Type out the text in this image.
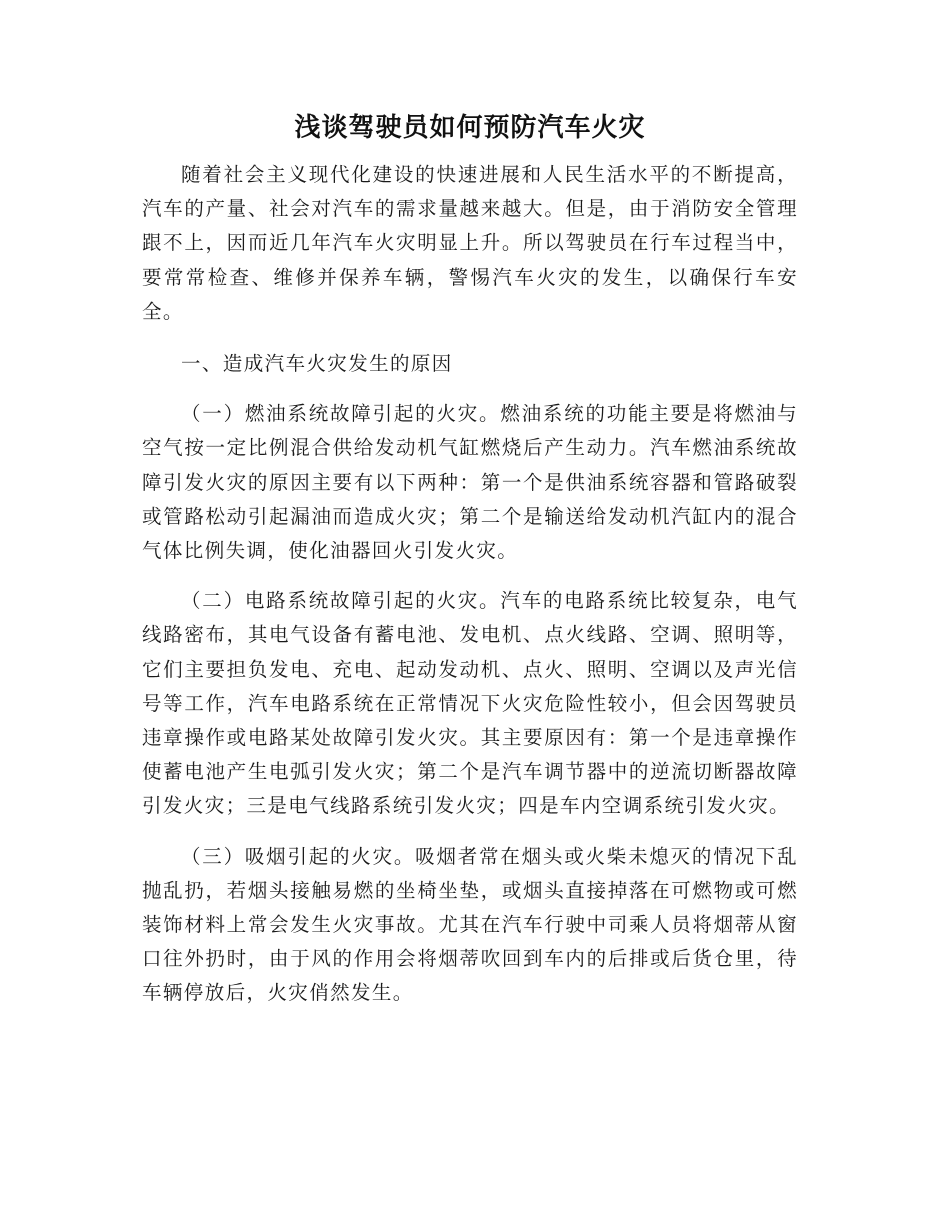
浅谈驾驶员如何预防汽车火灾

随着社会主义现代化建设的快速进展和人民生活水平的不断提高，汽车的产量、社会对汽车的需求量越来越大。但是，由于消防安全管理跟不上，因而近几年汽车火灾明显上升。所以驾驶员在行车过程当中，要常常检查、维修并保养车辆，警惕汽车火灾的发生，以确保行车安全。

一、造成汽车火灾发生的原因

（一）燃油系统故障引起的火灾。燃油系统的功能主要是将燃油与空气按一定比例混合供给发动机气缸燃烧后产生动力。汽车燃油系统故障引发火灾的原因主要有以下两种：第一个是供油系统容器和管路破裂或管路松动引起漏油而造成火灾；第二个是输送给发动机汽缸内的混合气体比例失调，使化油器回火引发火灾。

（二）电路系统故障引起的火灾。汽车的电路系统比较复杂，电气线路密布，其电气设备有蓄电池、发电机、点火线路、空调、照明等，它们主要担负发电、充电、起动发动机、点火、照明、空调以及声光信号等工作，汽车电路系统在正常情况下火灾危险性较小，但会因驾驶员违章操作或电路某处故障引发火灾。其主要原因有：第一个是违章操作使蓄电池产生电弧引发火灾；第二个是汽车调节器中的逆流切断器故障引发火灾；三是电气线路系统引发火灾；四是车内空调系统引发火灾。

（三）吸烟引起的火灾。吸烟者常在烟头或火柴未熄灭的情况下乱抛乱扔，若烟头接触易燃的坐椅坐垫，或烟头直接掉落在可燃物或可燃装饰材料上常会发生火灾事故。尤其在汽车行驶中司乘人员将烟蒂从窗口往外扔时，由于风的作用会将烟蒂吹回到车内的后排或后货仓里，待车辆停放后，火灾俏然发生。
